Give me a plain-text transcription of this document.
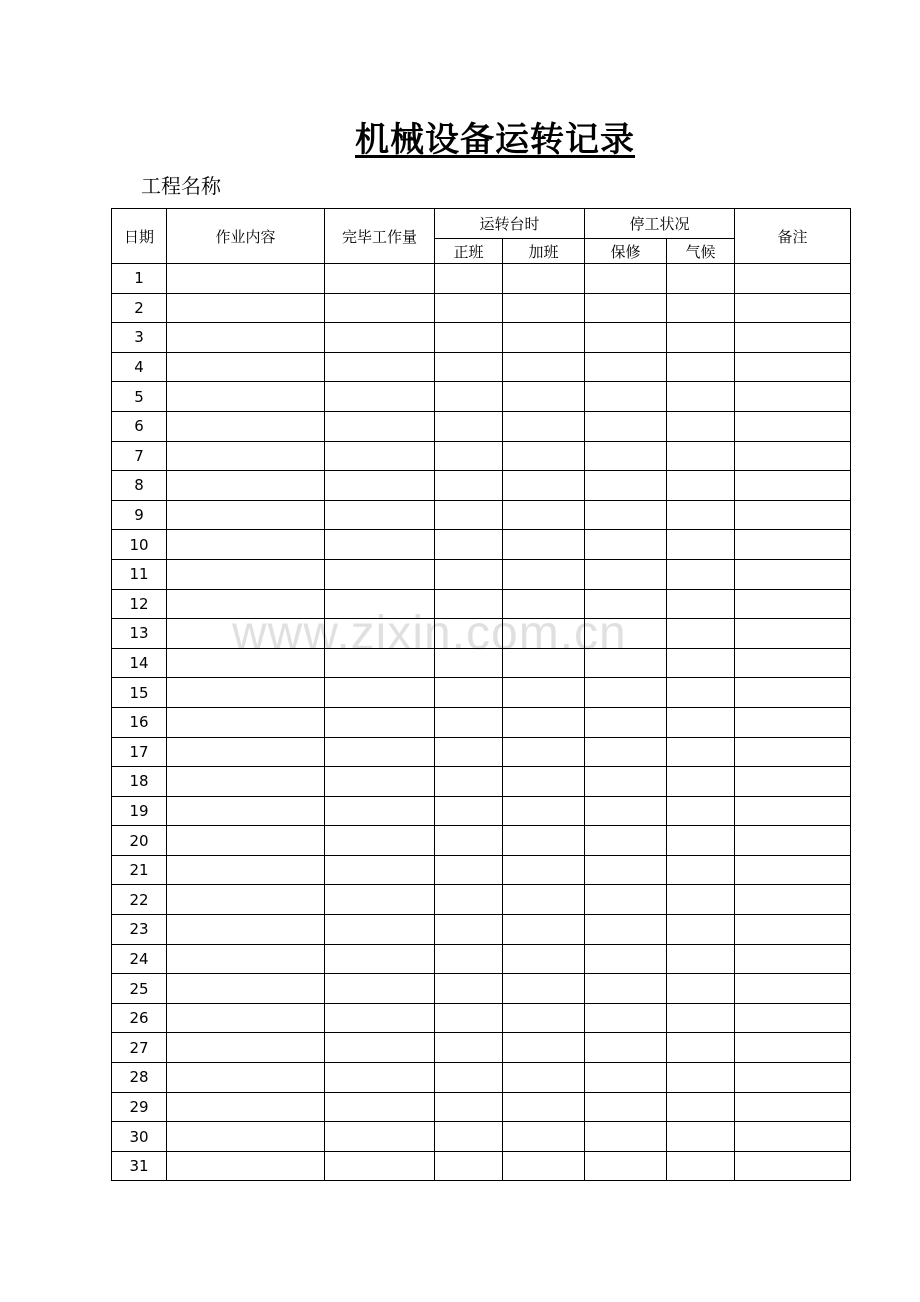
机械设备运转记录
工程名称
日期	作业内容	完毕工作量	运转台时		停工状况		备注
			正班	加班	保修	气候	
1							
2							
3							
4							
5							
6							
7							
8							
9							
10							
11							
12							
13							
14							
15							
16							
17							
18							
19							
20							
21							
22							
23							
24							
25							
26							
27							
28							
29							
30							
31							
www.zixin.com.cn
